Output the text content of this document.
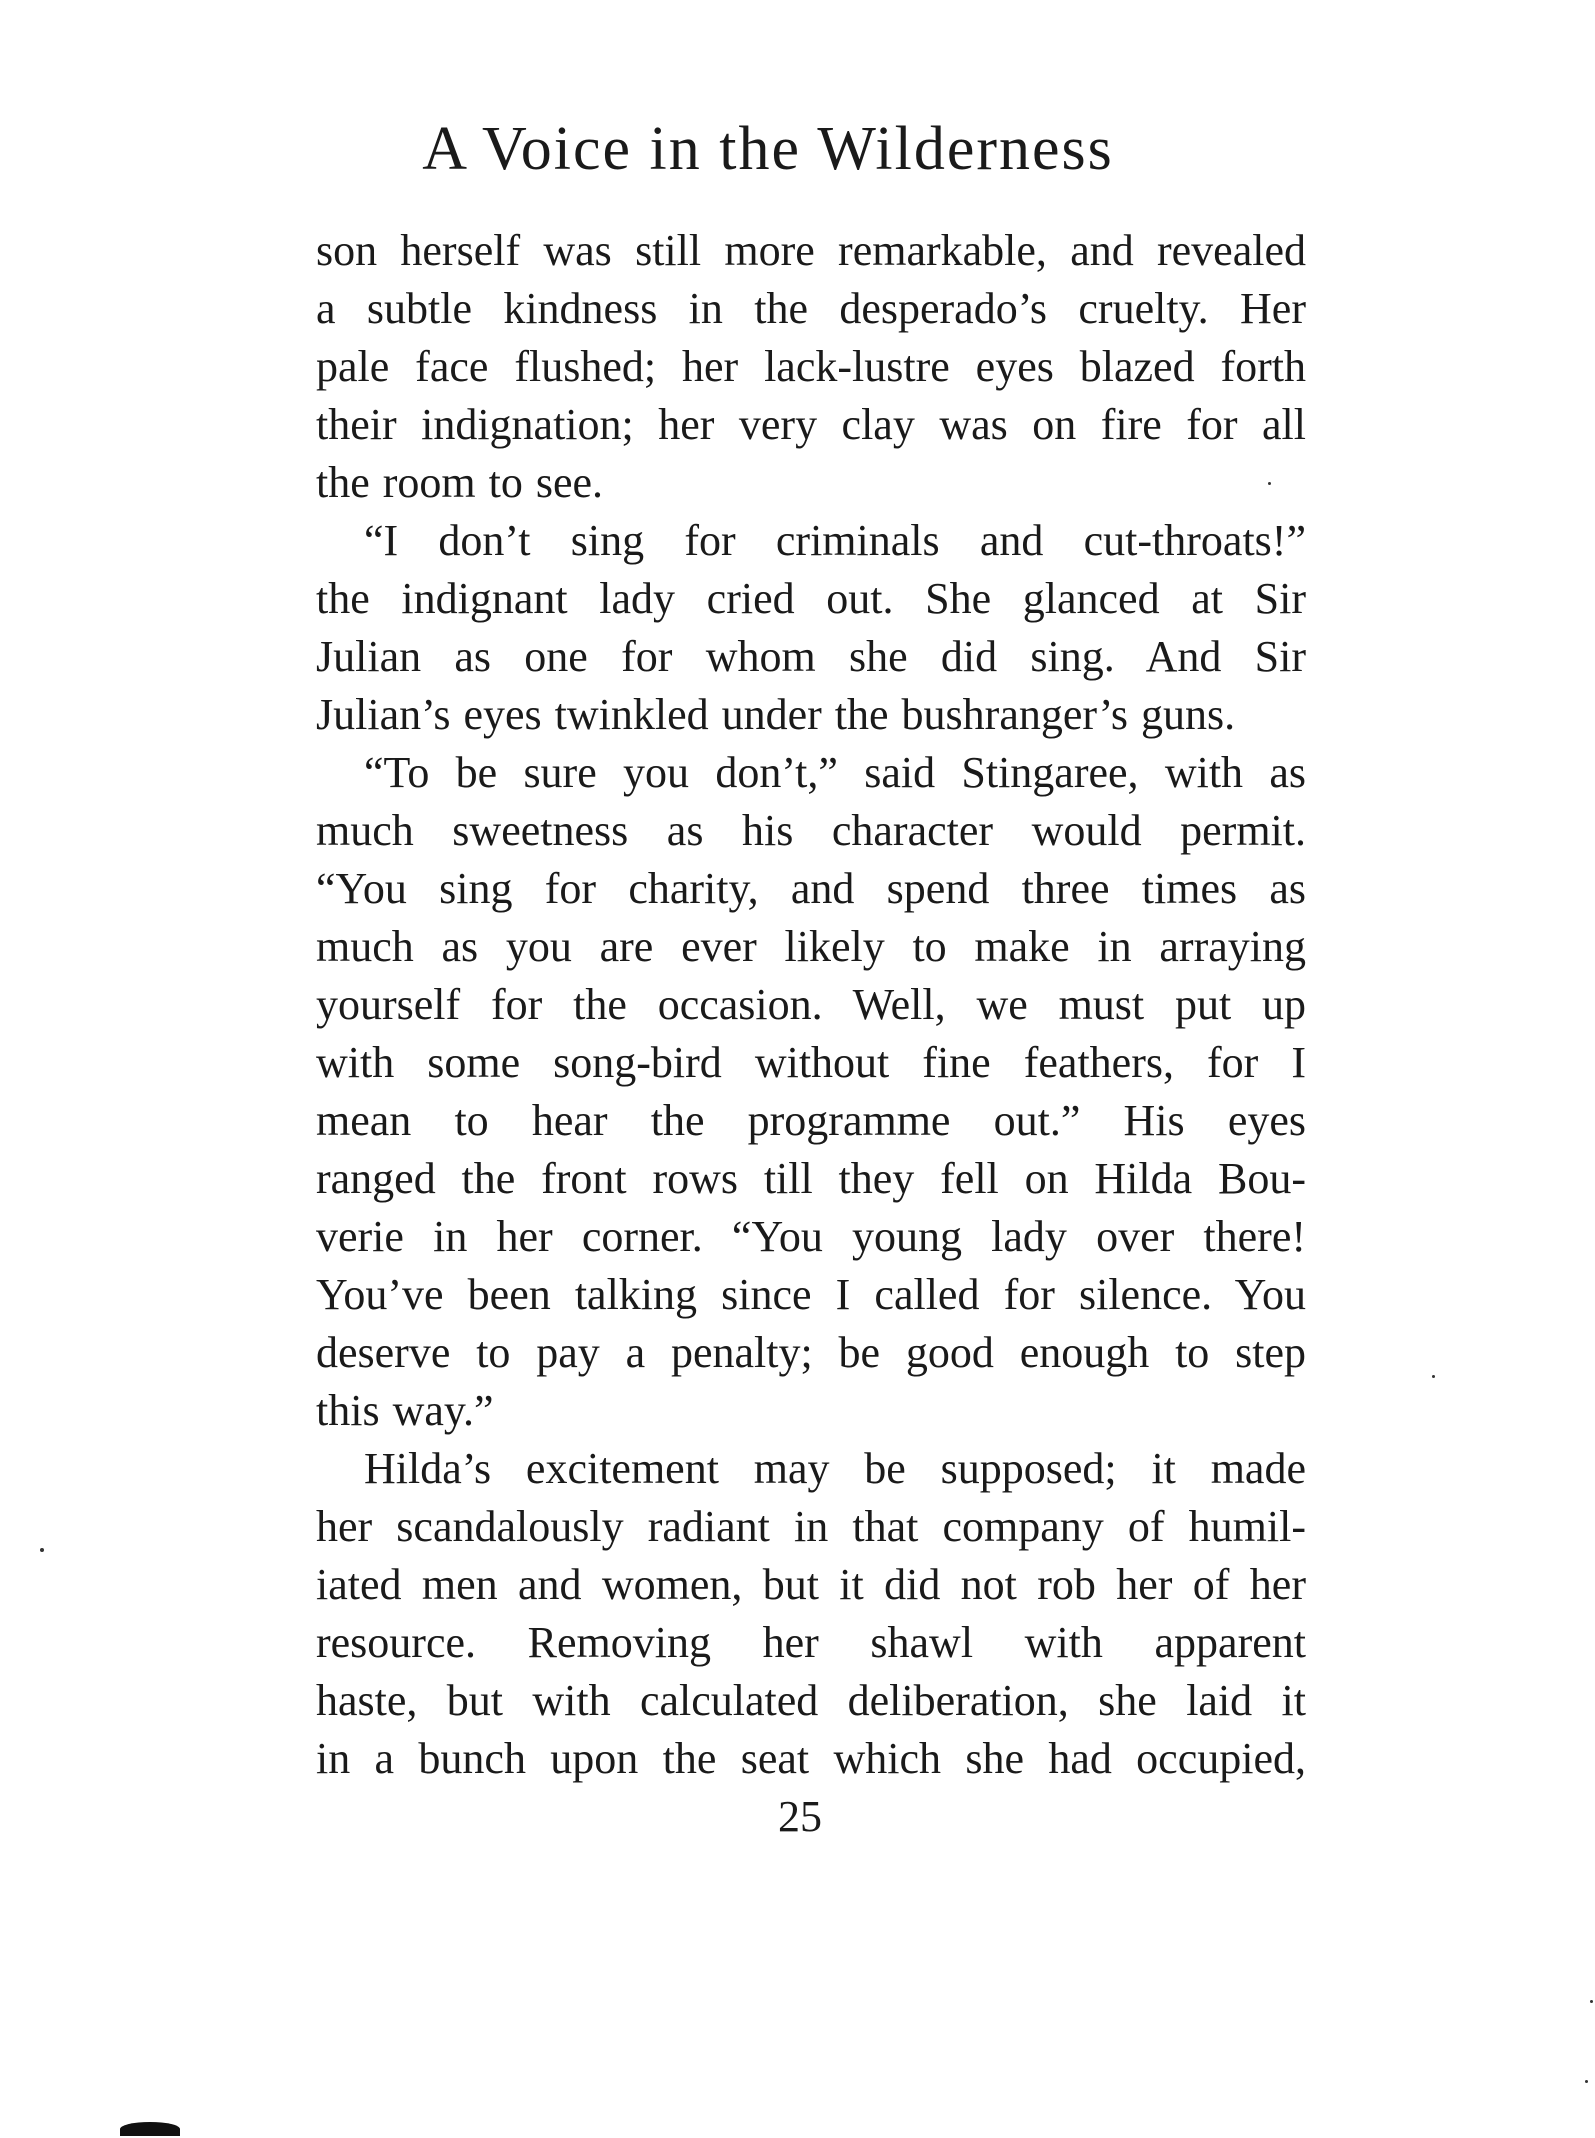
A Voice in the Wilderness
son herself was still more remarkable, and revealed
a subtle kindness in the desperado’s cruelty. Her
pale face flushed; her lack-lustre eyes blazed forth
their indignation; her very clay was on fire for all
the room to see.
“I don’t sing for criminals and cut-throats!”
the indignant lady cried out. She glanced at Sir
Julian as one for whom she did sing. And Sir
Julian’s eyes twinkled under the bushranger’s guns.
“To be sure you don’t,” said Stingaree, with as
much sweetness as his character would permit.
“You sing for charity, and spend three times as
much as you are ever likely to make in arraying
yourself for the occasion. Well, we must put up
with some song-bird without fine feathers, for I
mean to hear the programme out.” His eyes
ranged the front rows till they fell on Hilda Bou-
verie in her corner. “You young lady over there!
You’ve been talking since I called for silence. You
deserve to pay a penalty; be good enough to step
this way.”
Hilda’s excitement may be supposed; it made
her scandalously radiant in that company of humil-
iated men and women, but it did not rob her of her
resource. Removing her shawl with apparent
haste, but with calculated deliberation, she laid it
in a bunch upon the seat which she had occupied,
25
